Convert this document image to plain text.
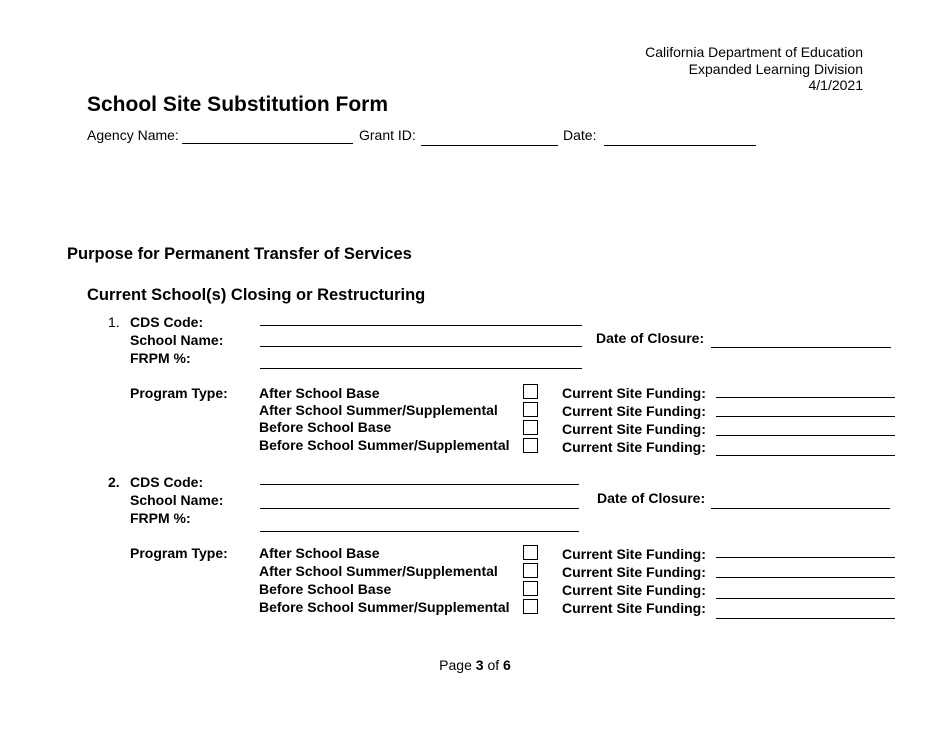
California Department of Education
Expanded Learning Division
4/1/2021
School Site Substitution Form
Agency Name:	Grant ID:	Date:
Purpose for Permanent Transfer of Services
Current School(s) Closing or Restructuring
1. CDS Code:
School Name:
FRPM %:
Date of Closure:
Program Type: After School Base
After School Summer/Supplemental
Before School Base
Before School Summer/Supplemental
Current Site Funding:
Current Site Funding:
Current Site Funding:
Current Site Funding:
2. CDS Code:
School Name:
FRPM %:
Date of Closure:
Program Type: After School Base
After School Summer/Supplemental
Before School Base
Before School Summer/Supplemental
Current Site Funding:
Current Site Funding:
Current Site Funding:
Current Site Funding:
Page 3 of 6
